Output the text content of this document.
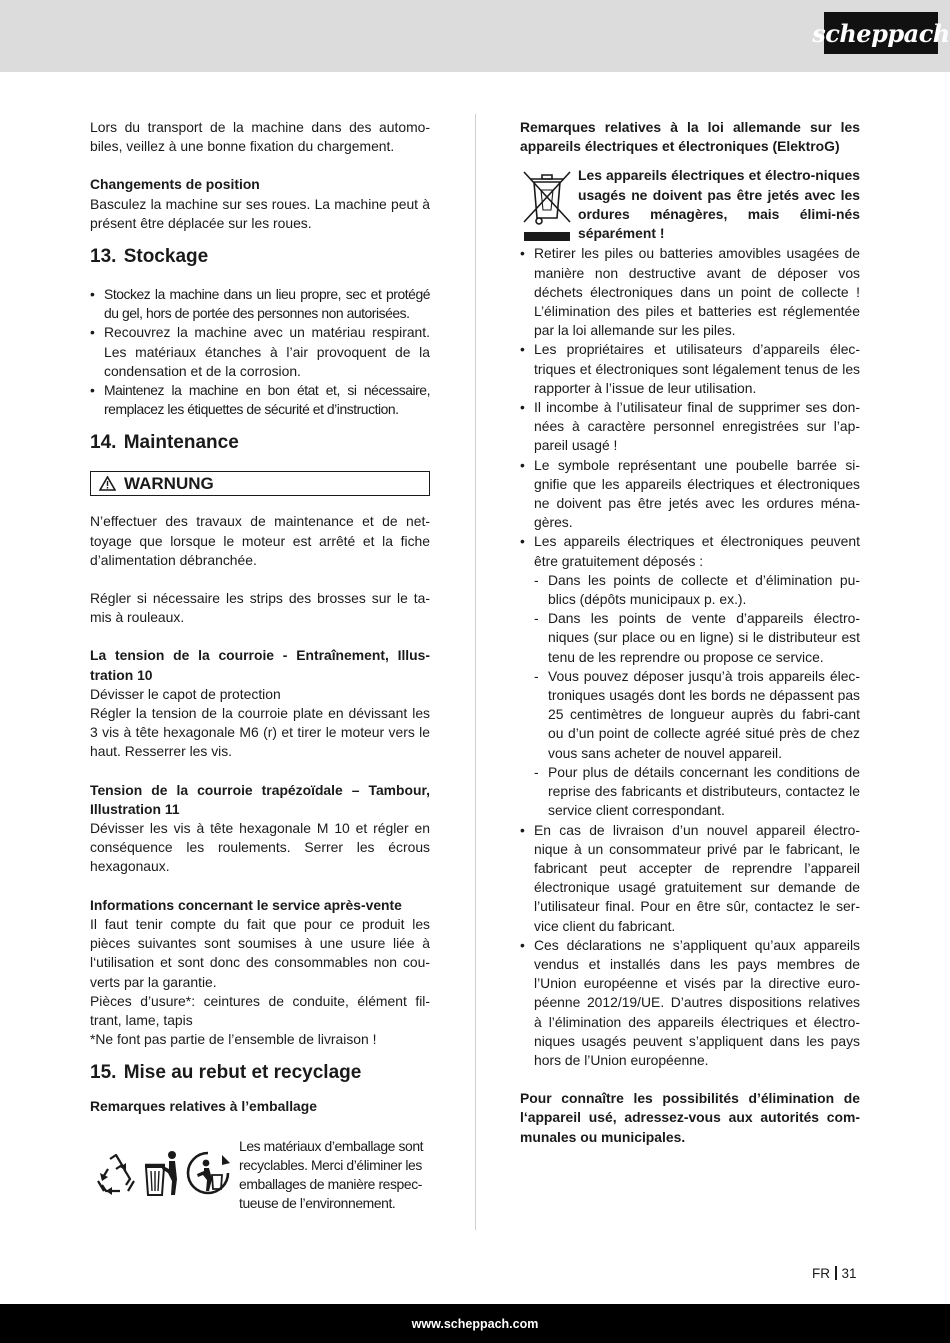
scheppach

Lors du transport de la machine dans des automo-biles, veillez à une bonne fixation du chargement.

Changements de position

Basculez la machine sur ses roues. La machine peut à présent être déplacée sur les roues.

13. Stockage
• Stockez la machine dans un lieu propre, sec et protégé du gel, hors de portée des personnes non autorisées.
• Recouvrez la machine avec un matériau respirant. Les matériaux étanches à l’air provoquent de la condensation et de la corrosion.
• Maintenez la machine en bon état et, si nécessaire, remplacez les étiquettes de sécurité et d’instruction.
14. Maintenance
WARNUNG

N’effectuer des travaux de maintenance et de net-toyage que lorsque le moteur est arrêté et la fiche d’alimentation débranchée.

Régler si nécessaire les strips des brosses sur le ta-mis à rouleaux.

La tension de la courroie - Entraînement, Illus-tration 10

Dévisser le capot de protection

Régler la tension de la courroie plate en dévissant les 3 vis à tête hexagonale M6 (r) et tirer le moteur vers le haut. Resserrer les vis.

Tension de la courroie trapézoïdale – Tambour, Illustration 11

Dévisser les vis à tête hexagonale M 10 et régler en conséquence les roulements. Serrer les écrous hexagonaux.

Informations concernant le service après-vente

Il faut tenir compte du fait que pour ce produit les pièces suivantes sont soumises à une usure liée à l‘utilisation et sont donc des consommables non cou-verts par la garantie.

Pièces d’usure*: ceintures de conduite, élément fil-trant, lame, tapis

*Ne font pas partie de l’ensemble de livraison !

15. Mise au rebut et recyclage

Remarques relatives à l’emballage

Les matériaux d’emballage sont recyclables. Merci d’éliminer les emballages de manière respec-tueuse de l’environnement.

Remarques relatives à la loi allemande sur les appareils électriques et électroniques (ElektroG)

Les appareils électriques et électro-niques usagés ne doivent pas être jetés avec les ordures ménagères, mais élimi-nés séparément !
• Retirer les piles ou batteries amovibles usagées de manière non destructive avant de déposer vos déchets électroniques dans un point de collecte ! L’élimination des piles et batteries est réglementée par la loi allemande sur les piles.
• Les propriétaires et utilisateurs d’appareils élec-triques et électroniques sont légalement tenus de les rapporter à l’issue de leur utilisation.
• Il incombe à l’utilisateur final de supprimer ses don-nées à caractère personnel enregistrées sur l’ap-pareil usagé !
• Le symbole représentant une poubelle barrée si-gnifie que les appareils électriques et électroniques ne doivent pas être jetés avec les ordures ména-gères.
• Les appareils électriques et électroniques peuvent être gratuitement déposés :
- Dans les points de collecte et d’élimination pu-blics (dépôts municipaux p. ex.).
- Dans les points de vente d’appareils électro-niques (sur place ou en ligne) si le distributeur est tenu de les reprendre ou propose ce service.
- Vous pouvez déposer jusqu’à trois appareils élec-troniques usagés dont les bords ne dépassent pas 25 centimètres de longueur auprès du fabri-cant ou d’un point de collecte agréé situé près de chez vous sans acheter de nouvel appareil.
- Pour plus de détails concernant les conditions de reprise des fabricants et distributeurs, contactez le service client correspondant.
• En cas de livraison d’un nouvel appareil électro-nique à un consommateur privé par le fabricant, le fabricant peut accepter de reprendre l’appareil électronique usagé gratuitement sur demande de l’utilisateur final. Pour en être sûr, contactez le ser-vice client du fabricant.
• Ces déclarations ne s’appliquent qu’aux appareils vendus et installés dans les pays membres de l’Union européenne et visés par la directive euro-péenne 2012/19/UE. D’autres dispositions relatives à l’élimination des appareils électriques et électro-niques usagés peuvent s’appliquent dans les pays hors de l’Union européenne.

Pour connaître les possibilités d’élimination de l‘appareil usé, adressez-vous aux autorités com-munales ou municipales.

FR 31
www.scheppach.com
